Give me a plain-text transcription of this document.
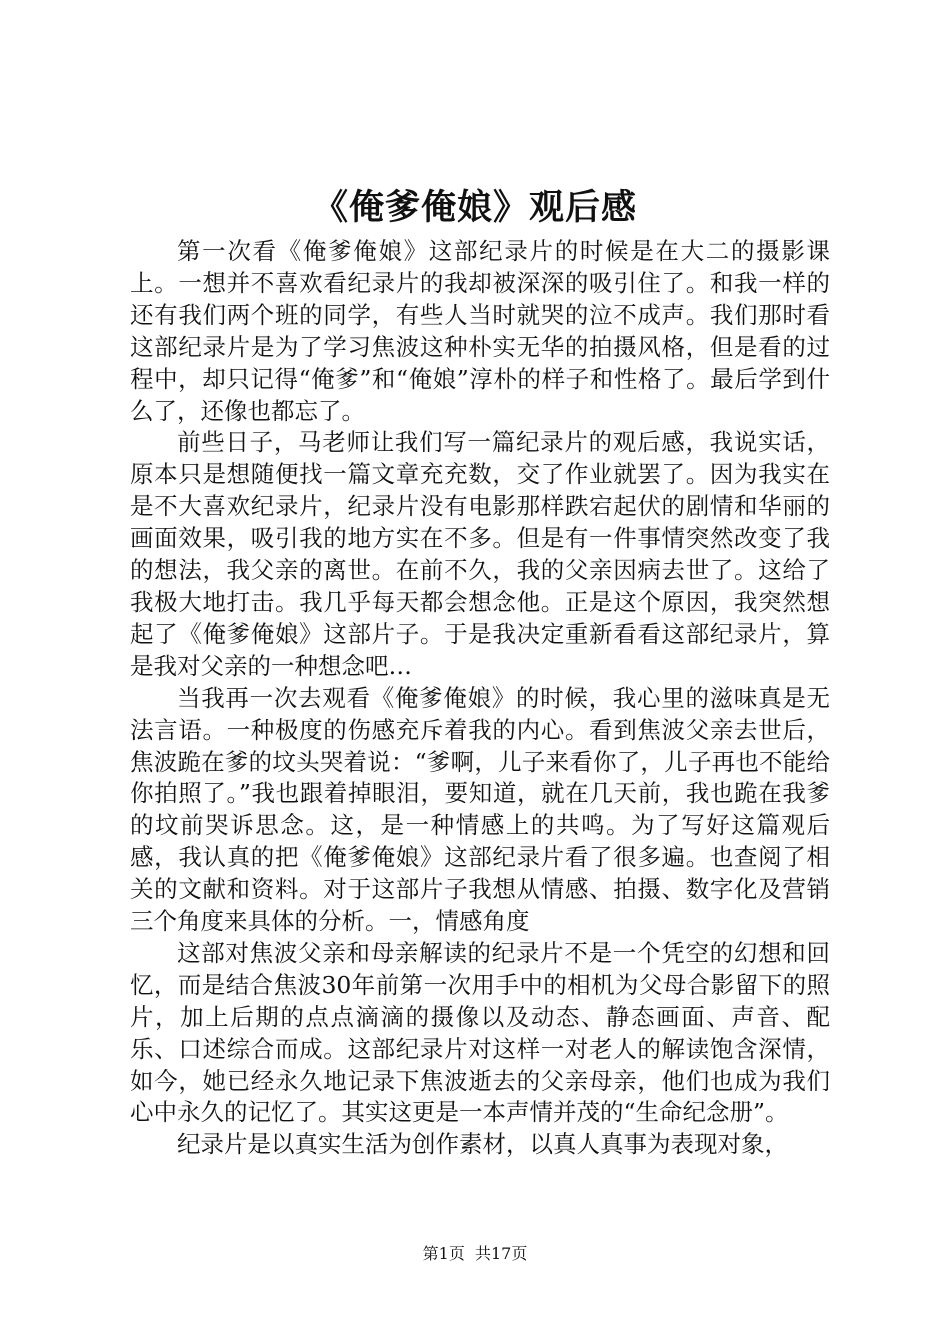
《俺爹俺娘》观后感

第一次看《俺爹俺娘》这部纪录片的时候是在大二的摄影课上。一想并不喜欢看纪录片的我却被深深的吸引住了。和我一样的还有我们两个班的同学，有些人当时就哭的泣不成声。我们那时看这部纪录片是为了学习焦波这种朴实无华的拍摄风格，但是看的过程中，却只记得“俺爹”和“俺娘”淳朴的样子和性格了。最后学到什么了，还像也都忘了。

前些日子，马老师让我们写一篇纪录片的观后感，我说实话，原本只是想随便找一篇文章充充数，交了作业就罢了。因为我实在是不大喜欢纪录片，纪录片没有电影那样跌宕起伏的剧情和华丽的画面效果，吸引我的地方实在不多。但是有一件事情突然改变了我的想法，我父亲的离世。在前不久，我的父亲因病去世了。这给了我极大地打击。我几乎每天都会想念他。正是这个原因，我突然想起了《俺爹俺娘》这部片子。于是我决定重新看看这部纪录片，算是我对父亲的一种想念吧…

当我再一次去观看《俺爹俺娘》的时候，我心里的滋味真是无法言语。一种极度的伤感充斥着我的内心。看到焦波父亲去世后，焦波跪在爹的坟头哭着说：“爹啊，儿子来看你了，儿子再也不能给你拍照了。”我也跟着掉眼泪，要知道，就在几天前，我也跪在我爹的坟前哭诉思念。这，是一种情感上的共鸣。为了写好这篇观后感，我认真的把《俺爹俺娘》这部纪录片看了很多遍。也查阅了相关的文献和资料。对于这部片子我想从情感、拍摄、数字化及营销三个角度来具体的分析。一，情感角度

这部对焦波父亲和母亲解读的纪录片不是一个凭空的幻想和回忆，而是结合焦波30年前第一次用手中的相机为父母合影留下的照片，加上后期的点点滴滴的摄像以及动态、静态画面、声音、配乐、口述综合而成。这部纪录片对这样一对老人的解读饱含深情，如今，她已经永久地记录下焦波逝去的父亲母亲，他们也成为我们心中永久的记忆了。其实这更是一本声情并茂的“生命纪念册”。

纪录片是以真实生活为创作素材，以真人真事为表现对象，

第1页  共17页
